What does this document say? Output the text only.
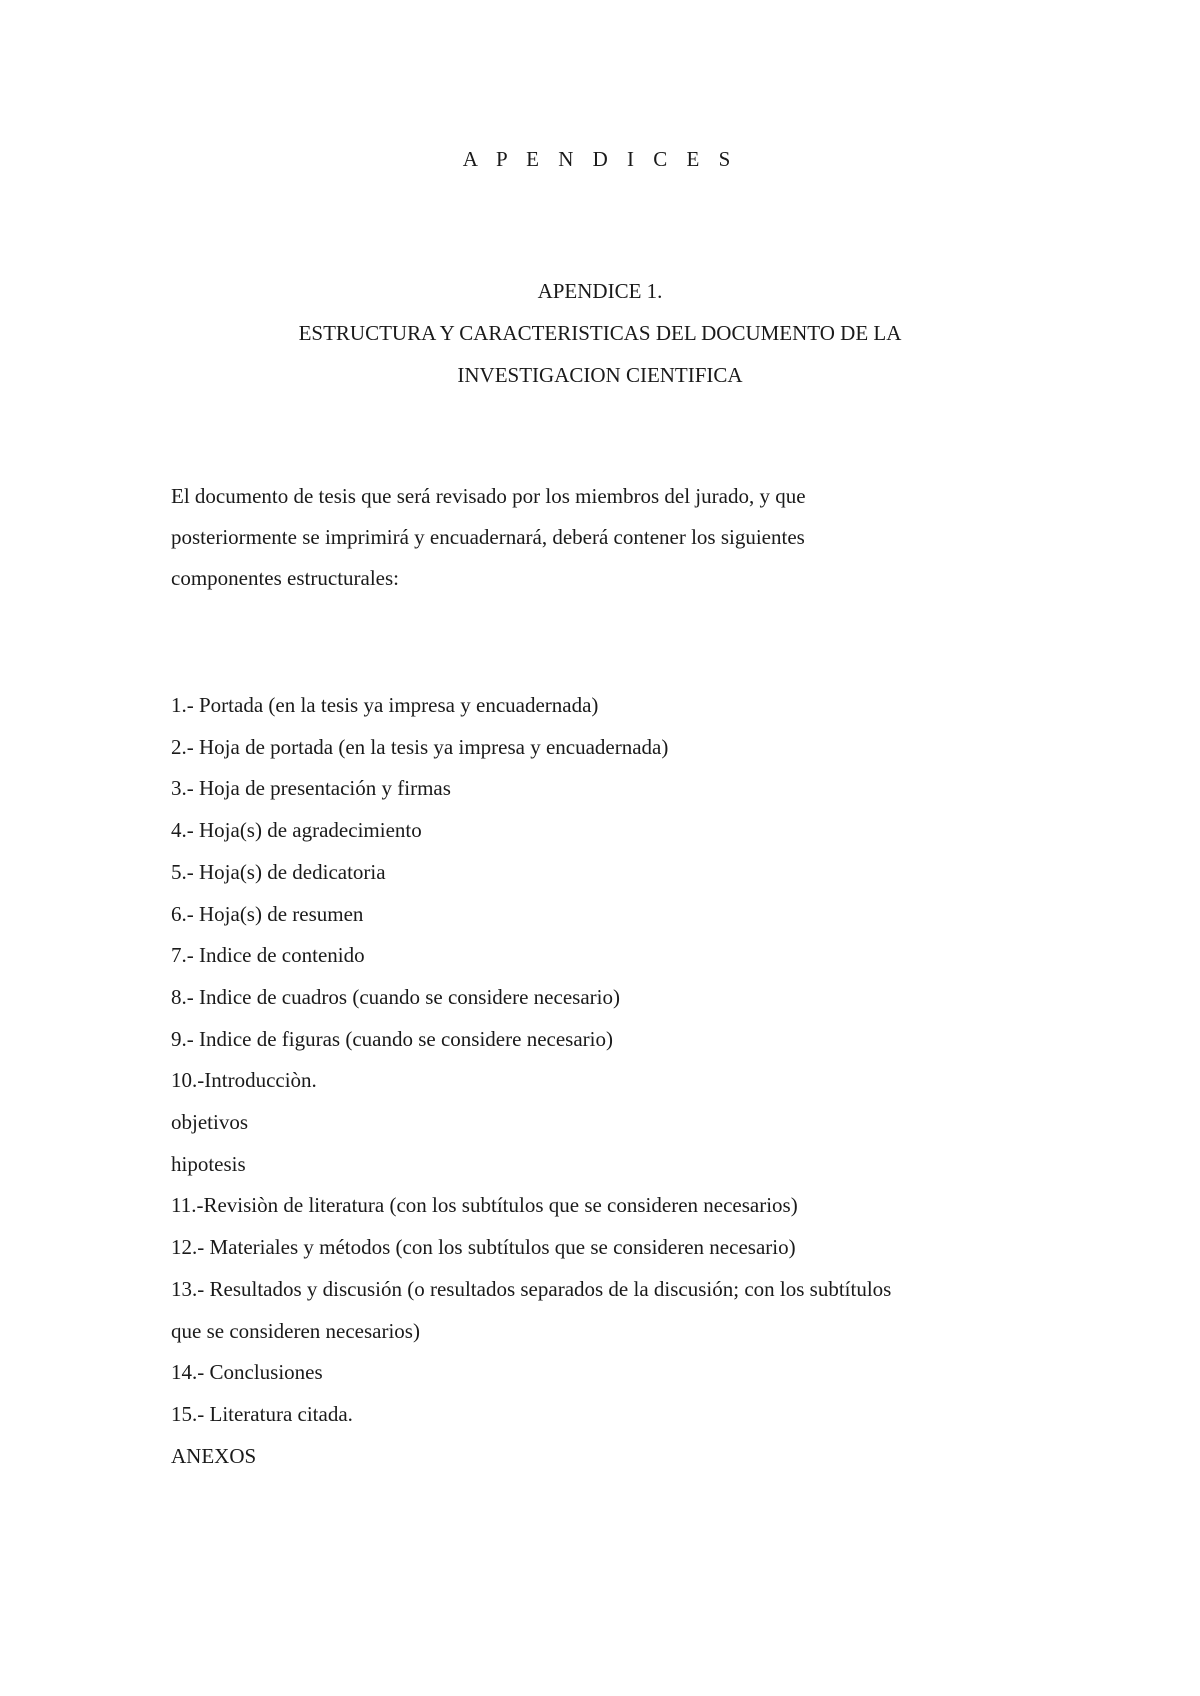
A P E N D I C E S
APENDICE 1.
ESTRUCTURA Y CARACTERISTICAS DEL DOCUMENTO DE LA
INVESTIGACION CIENTIFICA
El documento de tesis que será revisado por los miembros del jurado, y que
posteriormente se imprimirá y encuadernará, deberá contener los siguientes
componentes estructurales:
1.- Portada (en la tesis ya impresa y encuadernada)
2.- Hoja de portada (en la tesis ya impresa y encuadernada)
3.- Hoja de presentación y firmas
4.- Hoja(s) de agradecimiento
5.- Hoja(s) de dedicatoria
6.- Hoja(s) de resumen
7.- Indice de contenido
8.- Indice de cuadros (cuando se considere necesario)
9.- Indice de figuras (cuando se considere necesario)
10.-Introducciòn.
objetivos
hipotesis
11.-Revisiòn de literatura (con los subtítulos que se consideren necesarios)
12.- Materiales y métodos (con los subtítulos que se consideren necesario)
13.- Resultados y discusión (o resultados separados de la discusión; con los subtítulos
que se consideren necesarios)
14.- Conclusiones
15.- Literatura citada.
ANEXOS
